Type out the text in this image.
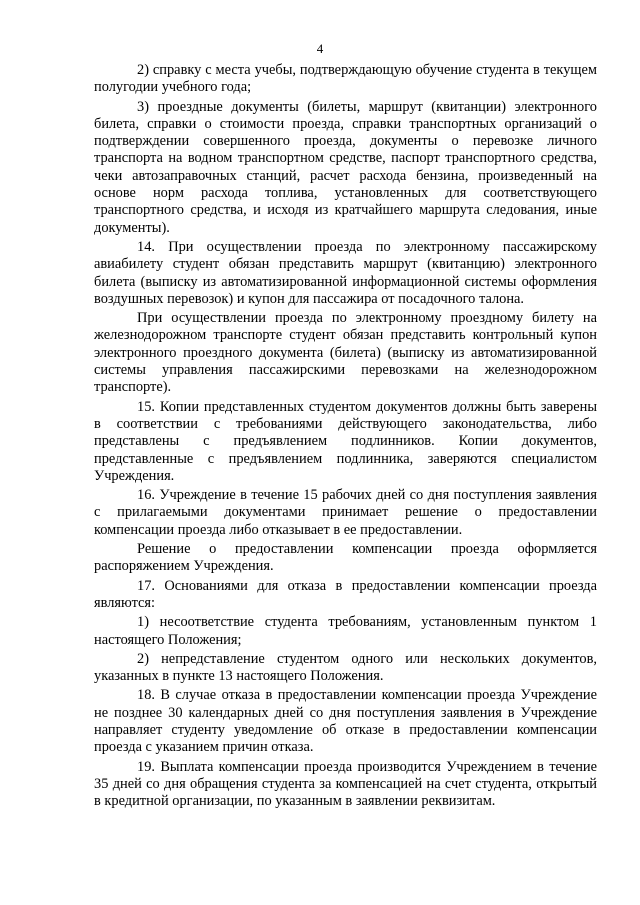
4

2) справку с места учебы, подтверждающую обучение студента в текущем полугодии учебного года;

3) проездные документы (билеты, маршрут (квитанции) электронного билета, справки о стоимости проезда, справки транспортных организаций о подтверждении совершенного проезда, документы о перевозке личного транспорта на водном транспортном средстве, паспорт транспортного средства, чеки автозаправочных станций, расчет расхода бензина, произведенный на основе норм расхода топлива, установленных для соответствующего транспортного средства, и исходя из кратчайшего маршрута следования, иные документы).

14. При осуществлении проезда по электронному пассажирскому авиабилету студент обязан представить маршрут (квитанцию) электронного билета (выписку из автоматизированной информационной системы оформления воздушных перевозок) и купон для пассажира от посадочного талона.

При осуществлении проезда по электронному проездному билету на железнодорожном транспорте студент обязан представить контрольный купон электронного проездного документа (билета) (выписку из автоматизированной системы управления пассажирскими перевозками на железнодорожном транспорте).

15. Копии представленных студентом документов должны быть заверены в соответствии с требованиями действующего законодательства, либо представлены с предъявлением подлинников. Копии документов, представленные с предъявлением подлинника, заверяются специалистом Учреждения.

16. Учреждение в течение 15 рабочих дней со дня поступления заявления с прилагаемыми документами принимает решение о предоставлении компенсации проезда либо отказывает в ее предоставлении.

Решение о предоставлении компенсации проезда оформляется распоряжением Учреждения.

17. Основаниями для отказа в предоставлении компенсации проезда являются:

1) несоответствие студента требованиям, установленным пунктом 1 настоящего Положения;

2) непредставление студентом одного или нескольких документов, указанных в пункте 13 настоящего Положения.

18. В случае отказа в предоставлении компенсации проезда Учреждение не позднее 30 календарных дней со дня поступления заявления в Учреждение направляет студенту уведомление об отказе в предоставлении компенсации проезда с указанием причин отказа.

19. Выплата компенсации проезда производится Учреждением в течение 35 дней со дня обращения студента за компенсацией на счет студента, открытый в кредитной организации, по указанным в заявлении реквизитам.
